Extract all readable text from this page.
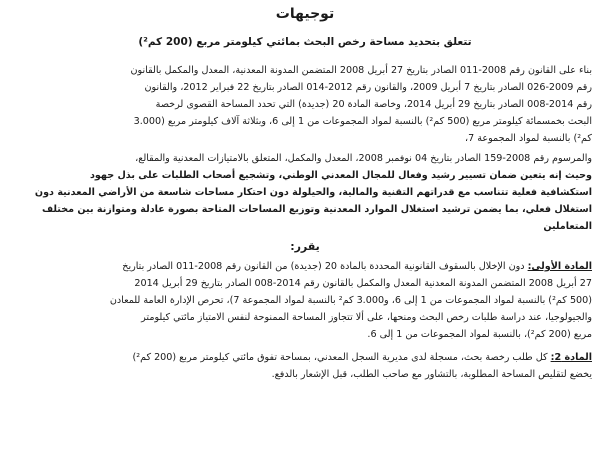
توجيهات
تتعلق بتحديد مساحة رخص البحث بمائتي كيلومتر مربع (200 كم²)
بناء على القانون رقم 2008-011 الصادر بتاريخ 27 أبريل 2008 المتضمن المدونة المعدنية، المعدل والمكمل بالقانون
رقم 2009-026 الصادر بتاريخ 7 أبريل 2009، والقانون رقم 2012-014 الصادر بتاريخ 22 فبراير 2012، والقانون
رقم 2014-008 الصادر بتاريخ 29 أبريل 2014، وخاصة المادة 20 (جديدة) التي تحدد المساحة القصوى لرخصة
البحث بخمسمائة كيلومتر مربع (500 كم²) بالنسبة لمواد المجموعات من 1 إلى 6، وبثلاثة آلاف كيلومتر مربع (3.000
كم²) بالنسبة لمواد المجموعة 7،
والمرسوم رقم 2008-159 الصادر بتاريخ 04 نوفمبر 2008، المعدل والمكمل، المتعلق بالامتيازات المعدنية والمقالع،
وحيث إنه يتعين ضمان تسيير رشيد وفعال للمجال المعدني الوطني، وتشجيع أصحاب الطلبات على بذل جهود
استكشافية فعلية تتناسب مع قدراتهم التقنية والمالية، والحيلولة دون احتكار مساحات شاسعة من الأراضي المعدنية دون
استغلال فعلي، بما يضمن ترشيد استغلال الموارد المعدنية وتوزيع المساحات المتاحة بصورة عادلة ومتوازنة بين مختلف
المتعاملين
يقرر:
المادة الأولى: دون الإخلال بالسقوف القانونية المحددة بالمادة 20 (جديدة) من القانون رقم 2008-011 الصادر بتاريخ
27 أبريل 2008 المتضمن المدونة المعدنية المعدل والمكمل بالقانون رقم 2014-008 الصادر بتاريخ 29 أبريل 2014
(500 كم²) بالنسبة لمواد المجموعات من 1 إلى 6، و3.000 كم² بالنسبة لمواد المجموعة 7)، تحرص الإدارة العامة للمعادن
والجيولوجيا، عند دراسة طلبات رخص البحث ومنحها، على ألا تتجاوز المساحة الممنوحة لنفس الامتياز مائتي كيلومتر
مربع (200 كم²)، بالنسبة لمواد المجموعات من 1 إلى 6.
المادة 2: كل طلب رخصة بحث، مسجلة لدى مديرية السجل المعدني، بمساحة تفوق مائتي كيلومتر مربع (200 كم²)
يخضع لتقليص المساحة المطلوبة، بالتشاور مع صاحب الطلب، قبل الإشعار بالدفع.
